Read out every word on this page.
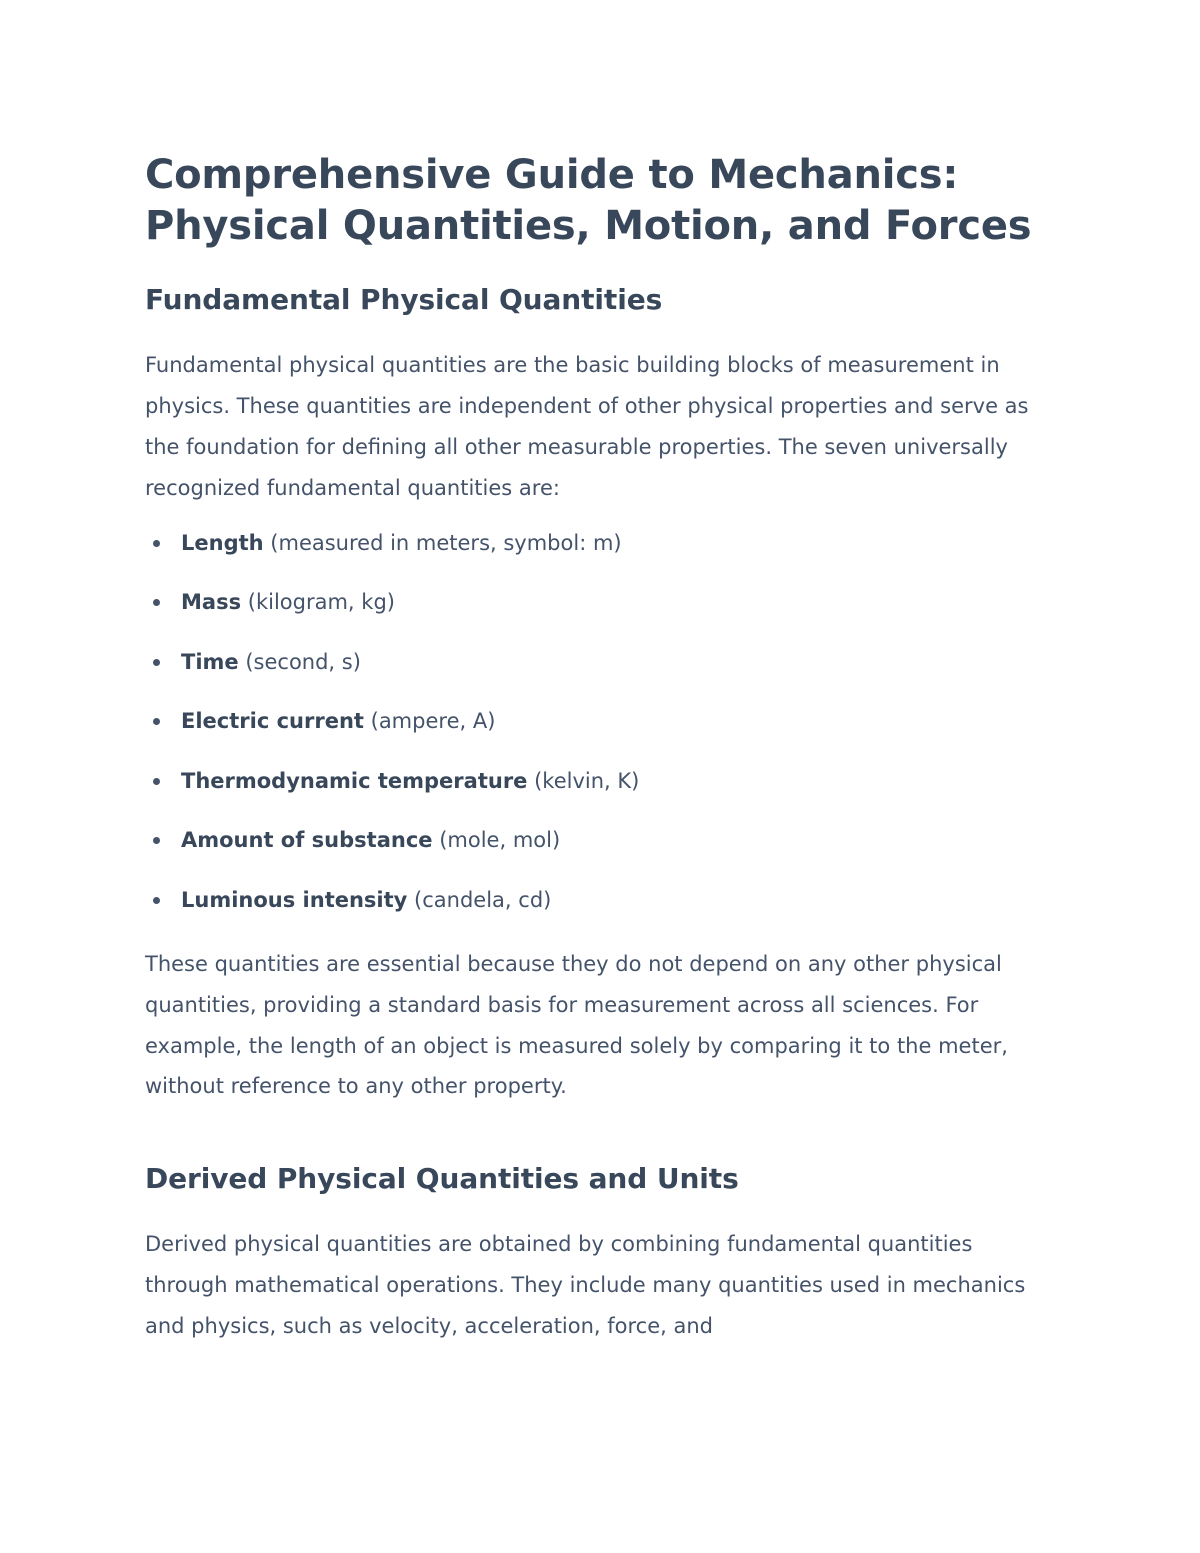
Comprehensive Guide to Mechanics: Physical Quantities, Motion, and Forces
Fundamental Physical Quantities

Fundamental physical quantities are the basic building blocks of measurement in physics. These quantities are independent of other physical properties and serve as the foundation for defining all other measurable properties. The seven universally recognized fundamental quantities are:

Length (measured in meters, symbol: m)
Mass (kilogram, kg)
Time (second, s)
Electric current (ampere, A)
Thermodynamic temperature (kelvin, K)
Amount of substance (mole, mol)
Luminous intensity (candela, cd)

These quantities are essential because they do not depend on any other physical quantities, providing a standard basis for measurement across all sciences. For example, the length of an object is measured solely by comparing it to the meter, without reference to any other property.

Derived Physical Quantities and Units

Derived physical quantities are obtained by combining fundamental quantities through mathematical operations. They include many quantities used in mechanics and physics, such as velocity, acceleration, force, and
